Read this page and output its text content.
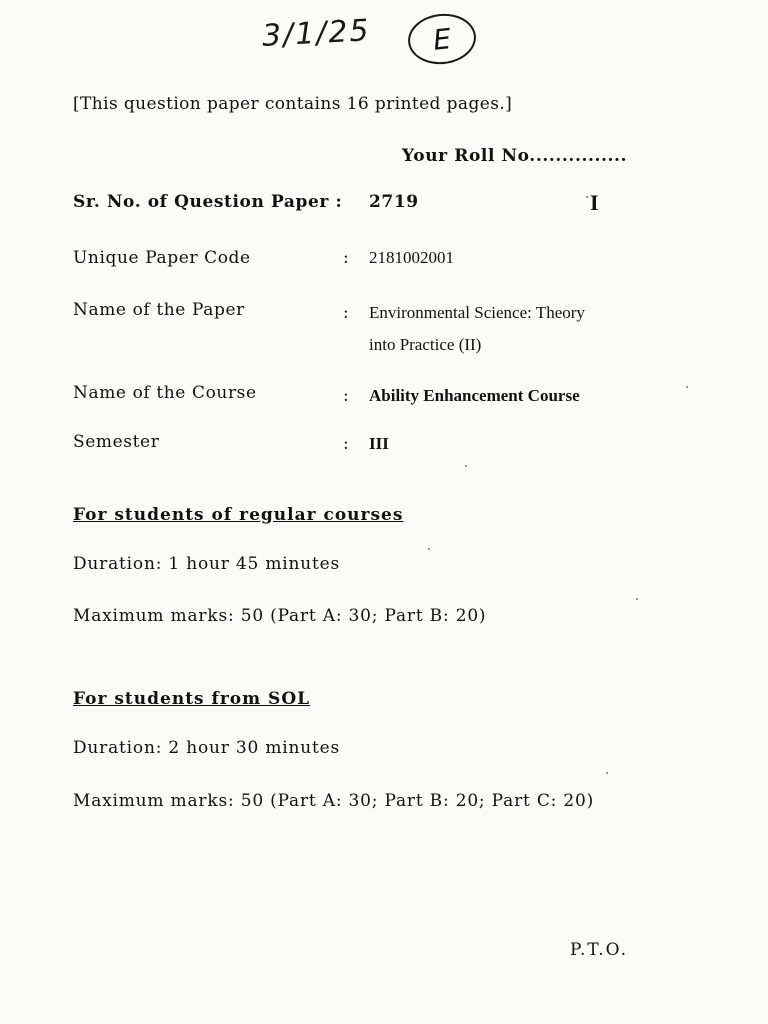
3/1/25 E
[This question paper contains 16 printed pages.]
Your Roll No...............
Sr. No. of Question Paper : 2719	I
Unique Paper Code	: 2181002001
Name of the Paper	: Environmental Science: Theory
into Practice (II)
Name of the Course	: Ability Enhancement Course
Semester	: III
For students of regular courses
Duration: 1 hour 45 minutes
Maximum marks: 50 (Part A: 30; Part B: 20)
For students from SOL
Duration: 2 hour 30 minutes
Maximum marks: 50 (Part A: 30; Part B: 20; Part C: 20)
P.T.O.
